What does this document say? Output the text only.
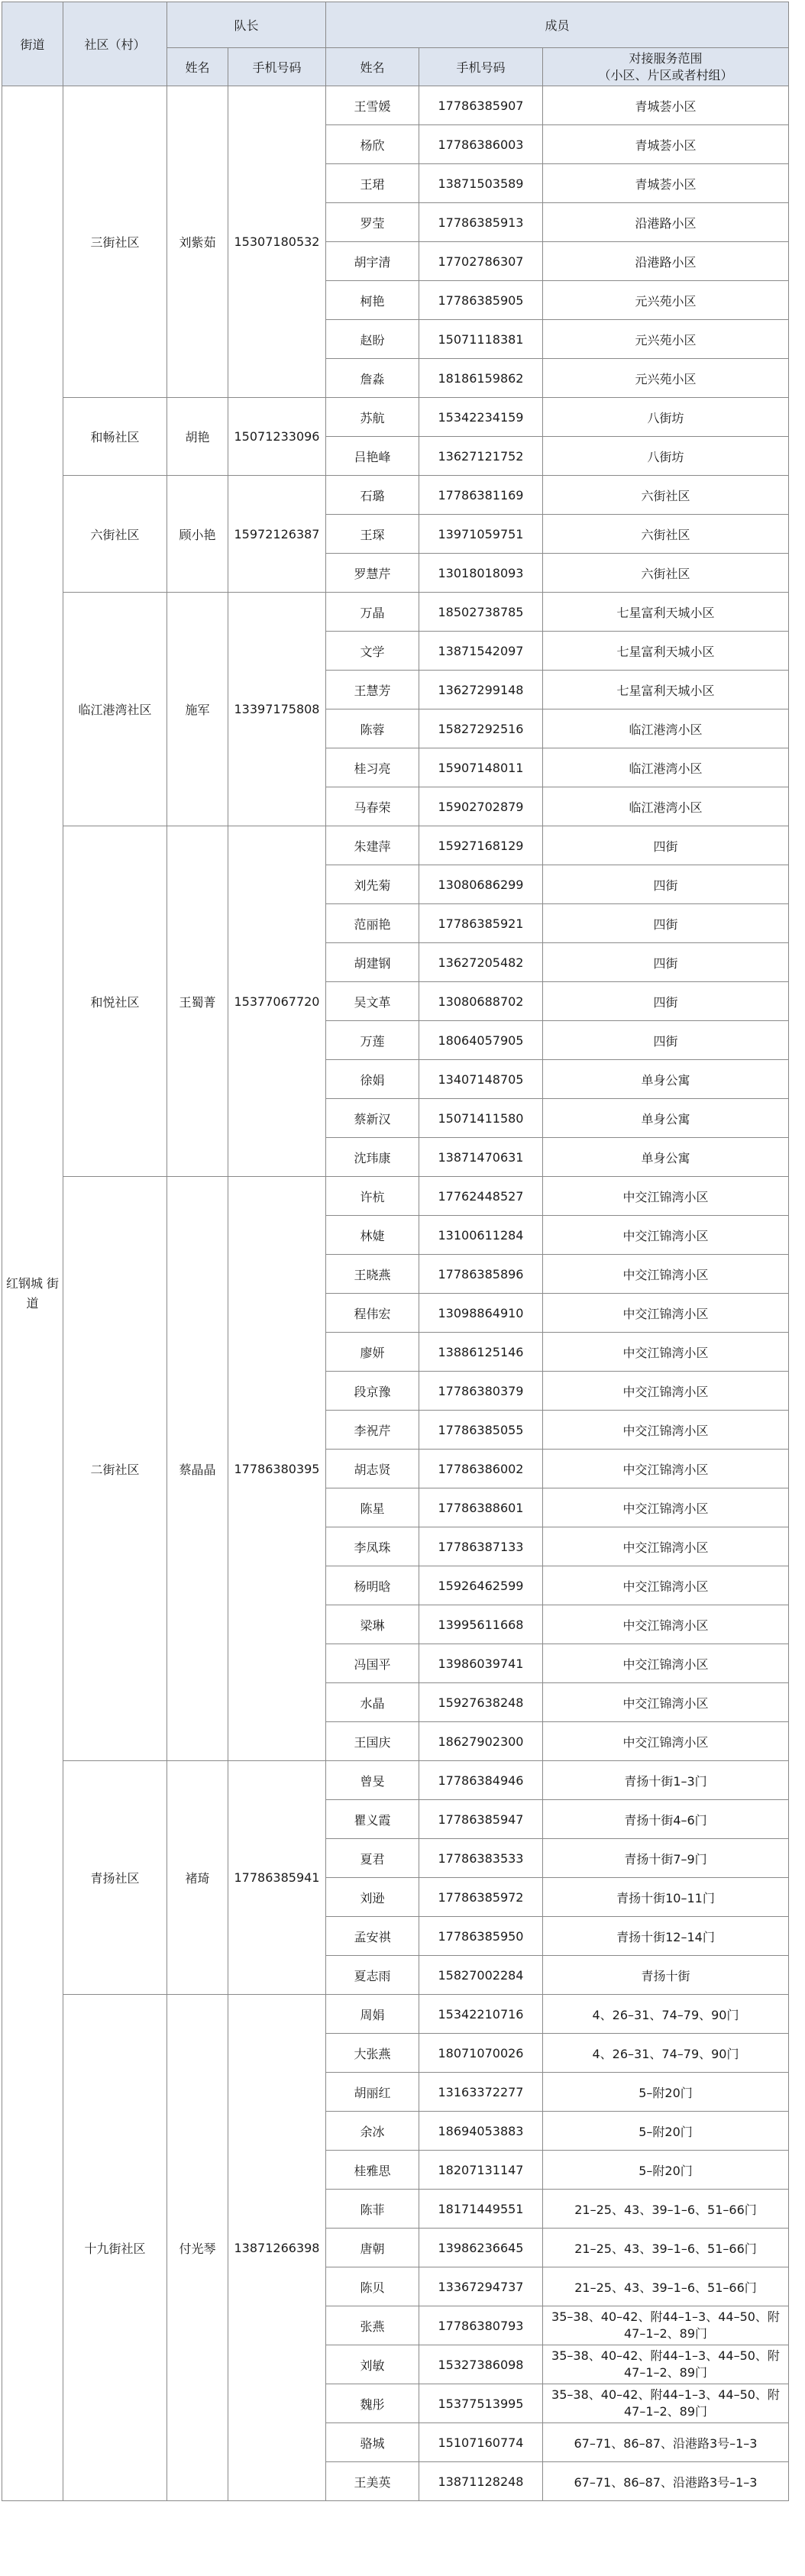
街道	社区（村）	队长		成员		
		姓名	手机号码	姓名	手机号码	对接服务范围
（小区、片区或者村组）
红钢城 街道	三街社区	刘紫茹	15307180532	王雪媛	17786385907	青城荟小区
				杨欣	17786386003	青城荟小区
				王珺	13871503589	青城荟小区
				罗莹	17786385913	沿港路小区
				胡宇清	17702786307	沿港路小区
				柯艳	17786385905	元兴苑小区
				赵盼	15071118381	元兴苑小区
				詹淼	18186159862	元兴苑小区
	和畅社区	胡艳	15071233096	苏航	15342234159	八街坊
				吕艳峰	13627121752	八街坊
	六街社区	顾小艳	15972126387	石璐	17786381169	六街社区
				王琛	13971059751	六街社区
				罗慧芹	13018018093	六街社区
	临江港湾社区	施军	13397175808	万晶	18502738785	七星富利天城小区
				文学	13871542097	七星富利天城小区
				王慧芳	13627299148	七星富利天城小区
				陈蓉	15827292516	临江港湾小区
				桂习亮	15907148011	临江港湾小区
				马春荣	15902702879	临江港湾小区
	和悦社区	王蜀菁	15377067720	朱建萍	15927168129	四街
				刘先菊	13080686299	四街
				范丽艳	17786385921	四街
				胡建钢	13627205482	四街
				吴文革	13080688702	四街
				万莲	18064057905	四街
				徐娟	13407148705	单身公寓
				蔡新汉	15071411580	单身公寓
				沈玮康	13871470631	单身公寓
	二街社区	蔡晶晶	17786380395	许杭	17762448527	中交江锦湾小区
				林婕	13100611284	中交江锦湾小区
				王晓燕	17786385896	中交江锦湾小区
				程伟宏	13098864910	中交江锦湾小区
				廖妍	13886125146	中交江锦湾小区
				段京豫	17786380379	中交江锦湾小区
				李祝芹	17786385055	中交江锦湾小区
				胡志贤	17786386002	中交江锦湾小区
				陈星	17786388601	中交江锦湾小区
				李凤珠	17786387133	中交江锦湾小区
				杨明晗	15926462599	中交江锦湾小区
				梁琳	13995611668	中交江锦湾小区
				冯国平	13986039741	中交江锦湾小区
				水晶	15927638248	中交江锦湾小区
				王国庆	18627902300	中交江锦湾小区
	青扬社区	褚琦	17786385941	曾旻	17786384946	青扬十街1–3门
				瞿义霞	17786385947	青扬十街4–6门
				夏君	17786383533	青扬十街7–9门
				刘逊	17786385972	青扬十街10–11门
				孟安祺	17786385950	青扬十街12–14门
				夏志雨	15827002284	青扬十街
	十九街社区	付光琴	13871266398	周娟	15342210716	4、26–31、74–79、90门
				大张燕	18071070026	4、26–31、74–79、90门
				胡丽红	13163372277	5–附20门
				余冰	18694053883	5–附20门
				桂雅思	18207131147	5–附20门
				陈菲	18171449551	21–25、43、39–1–6、51–66门
				唐朝	13986236645	21–25、43、39–1–6、51–66门
				陈贝	13367294737	21–25、43、39–1–6、51–66门
				张燕	17786380793	35–38、40–42、附44–1–3、44–50、附47–1–2、89门
				刘敏	15327386098	35–38、40–42、附44–1–3、44–50、附47–1–2、89门
				魏彤	15377513995	35–38、40–42、附44–1–3、44–50、附47–1–2、89门
				骆城	15107160774	67–71、86–87、沿港路3号–1–3
				王美英	13871128248	67–71、86–87、沿港路3号–1–3
